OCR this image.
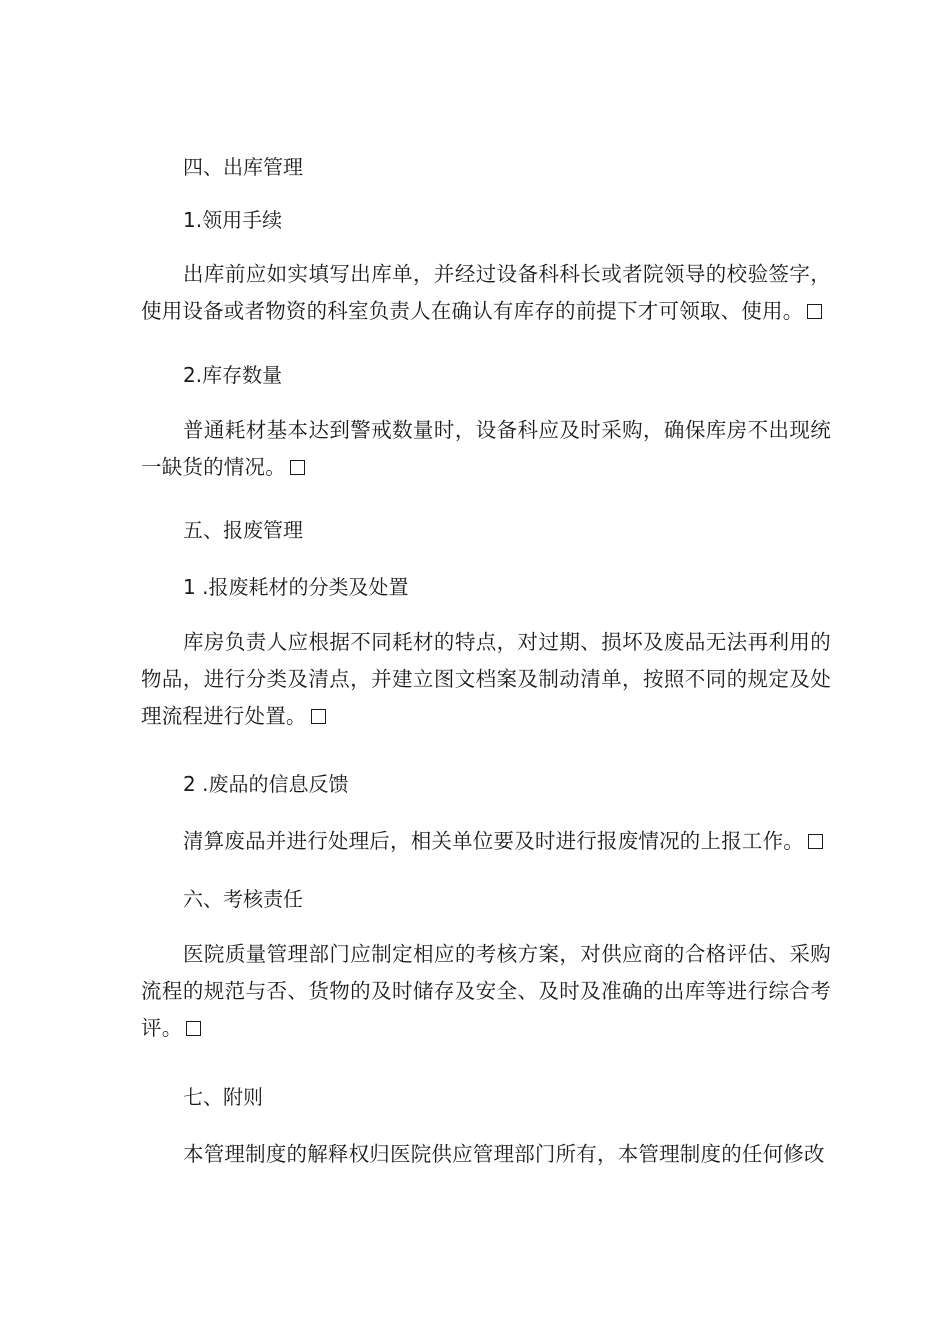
四、出库管理
1.领用手续
出库前应如实填写出库单，并经过设备科科长或者院领导的校验签字，使用设备或者物资的科室负责人在确认有库存的前提下才可领取、使用。
2.库存数量
普通耗材基本达到警戒数量时，设备科应及时采购，确保库房不出现统一缺货的情况。
五、报废管理
1 .报废耗材的分类及处置
库房负责人应根据不同耗材的特点，对过期、损坏及废品无法再利用的物品，进行分类及清点，并建立图文档案及制动清单，按照不同的规定及处理流程进行处置。
2 .废品的信息反馈
清算废品并进行处理后，相关单位要及时进行报废情况的上报工作。
六、考核责任
医院质量管理部门应制定相应的考核方案，对供应商的合格评估、采购流程的规范与否、货物的及时储存及安全、及时及准确的出库等进行综合考评。
七、附则
本管理制度的解释权归医院供应管理部门所有，本管理制度的任何修改
